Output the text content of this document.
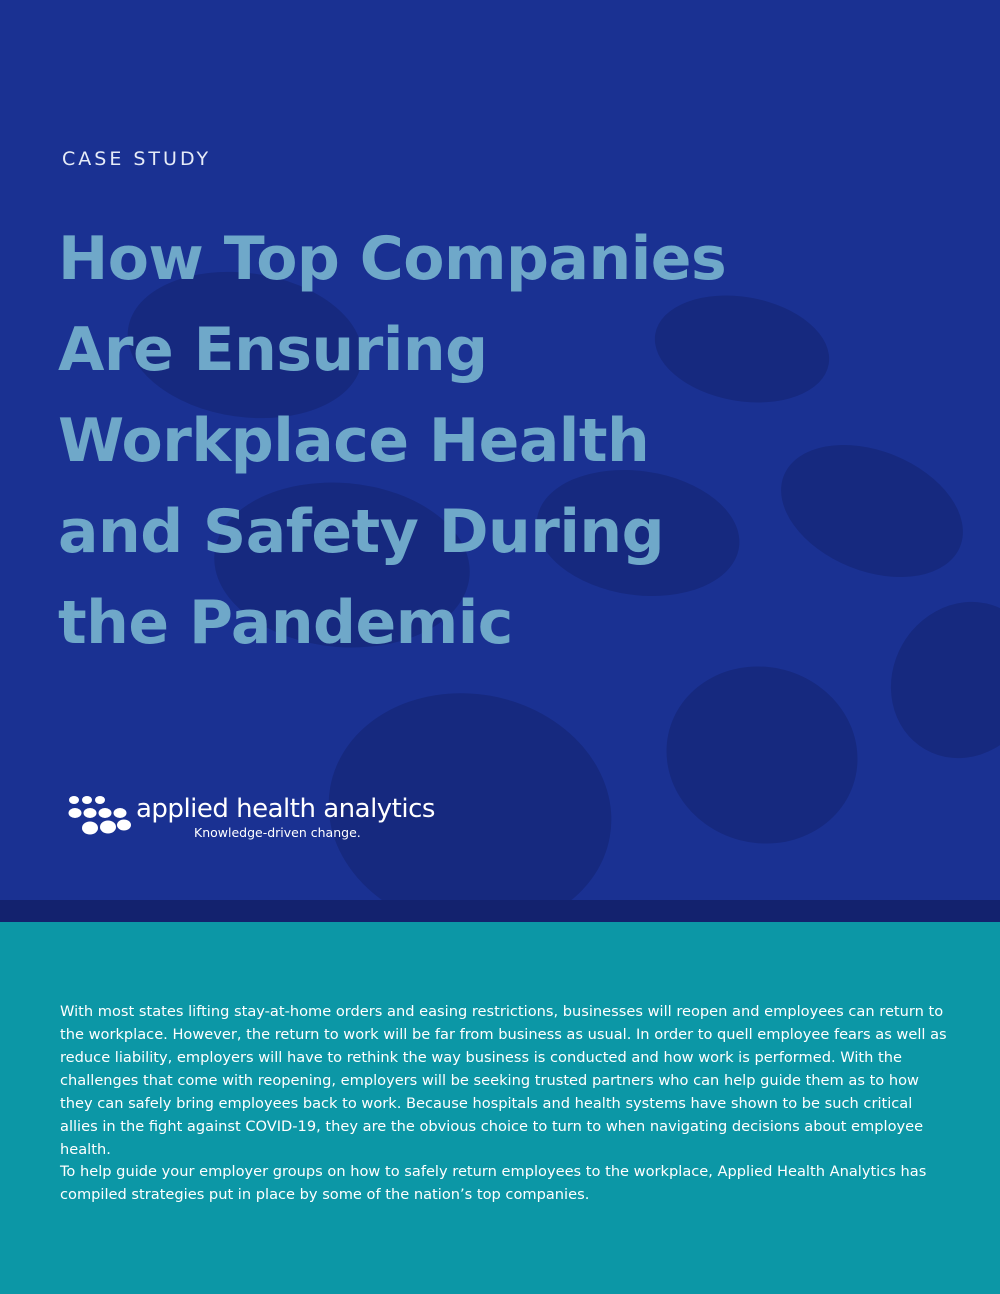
CASE STUDY
How Top Companies
Are Ensuring
Workplace Health
and Safety During
the Pandemic
applied health analytics
Knowledge-driven change.

With most states lifting stay-at-home orders and easing restrictions, businesses will reopen and employees can return to the workplace. However, the return to work will be far from business as usual. In order to quell employee fears as well as reduce liability, employers will have to rethink the way business is conducted and how work is performed. With the challenges that come with reopening, employers will be seeking trusted partners who can help guide them as to how they can safely bring employees back to work. Because hospitals and health systems have shown to be such critical allies in the fight against COVID-19, they are the obvious choice to turn to when navigating decisions about employee health.

To help guide your employer groups on how to safely return employees to the workplace, Applied Health Analytics has compiled strategies put in place by some of the nation’s top companies.
